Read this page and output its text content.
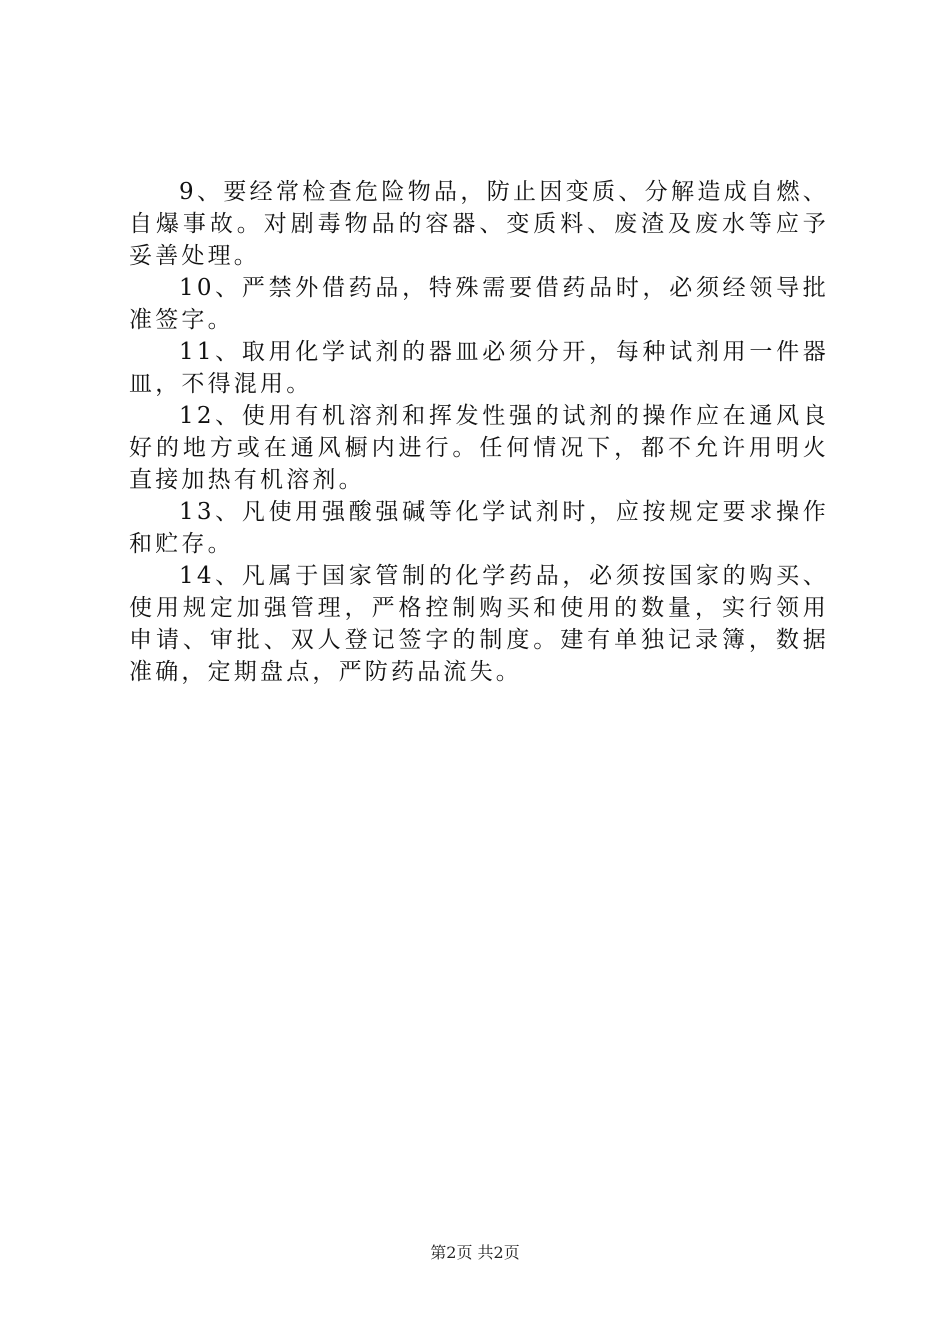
9、要经常检查危险物品，防止因变质、分解造成自燃、自爆事故。对剧毒物品的容器、变质料、废渣及废水等应予妥善处理。

10、严禁外借药品，特殊需要借药品时，必须经领导批准签字。

11、取用化学试剂的器皿必须分开，每种试剂用一件器皿，不得混用。

12、使用有机溶剂和挥发性强的试剂的操作应在通风良好的地方或在通风橱内进行。任何情况下，都不允许用明火直接加热有机溶剂。

13、凡使用强酸强碱等化学试剂时，应按规定要求操作和贮存。

14、凡属于国家管制的化学药品，必须按国家的购买、使用规定加强管理，严格控制购买和使用的数量，实行领用申请、审批、双人登记签字的制度。建有单独记录簿，数据准确，定期盘点，严防药品流失。

第2页 共2页
